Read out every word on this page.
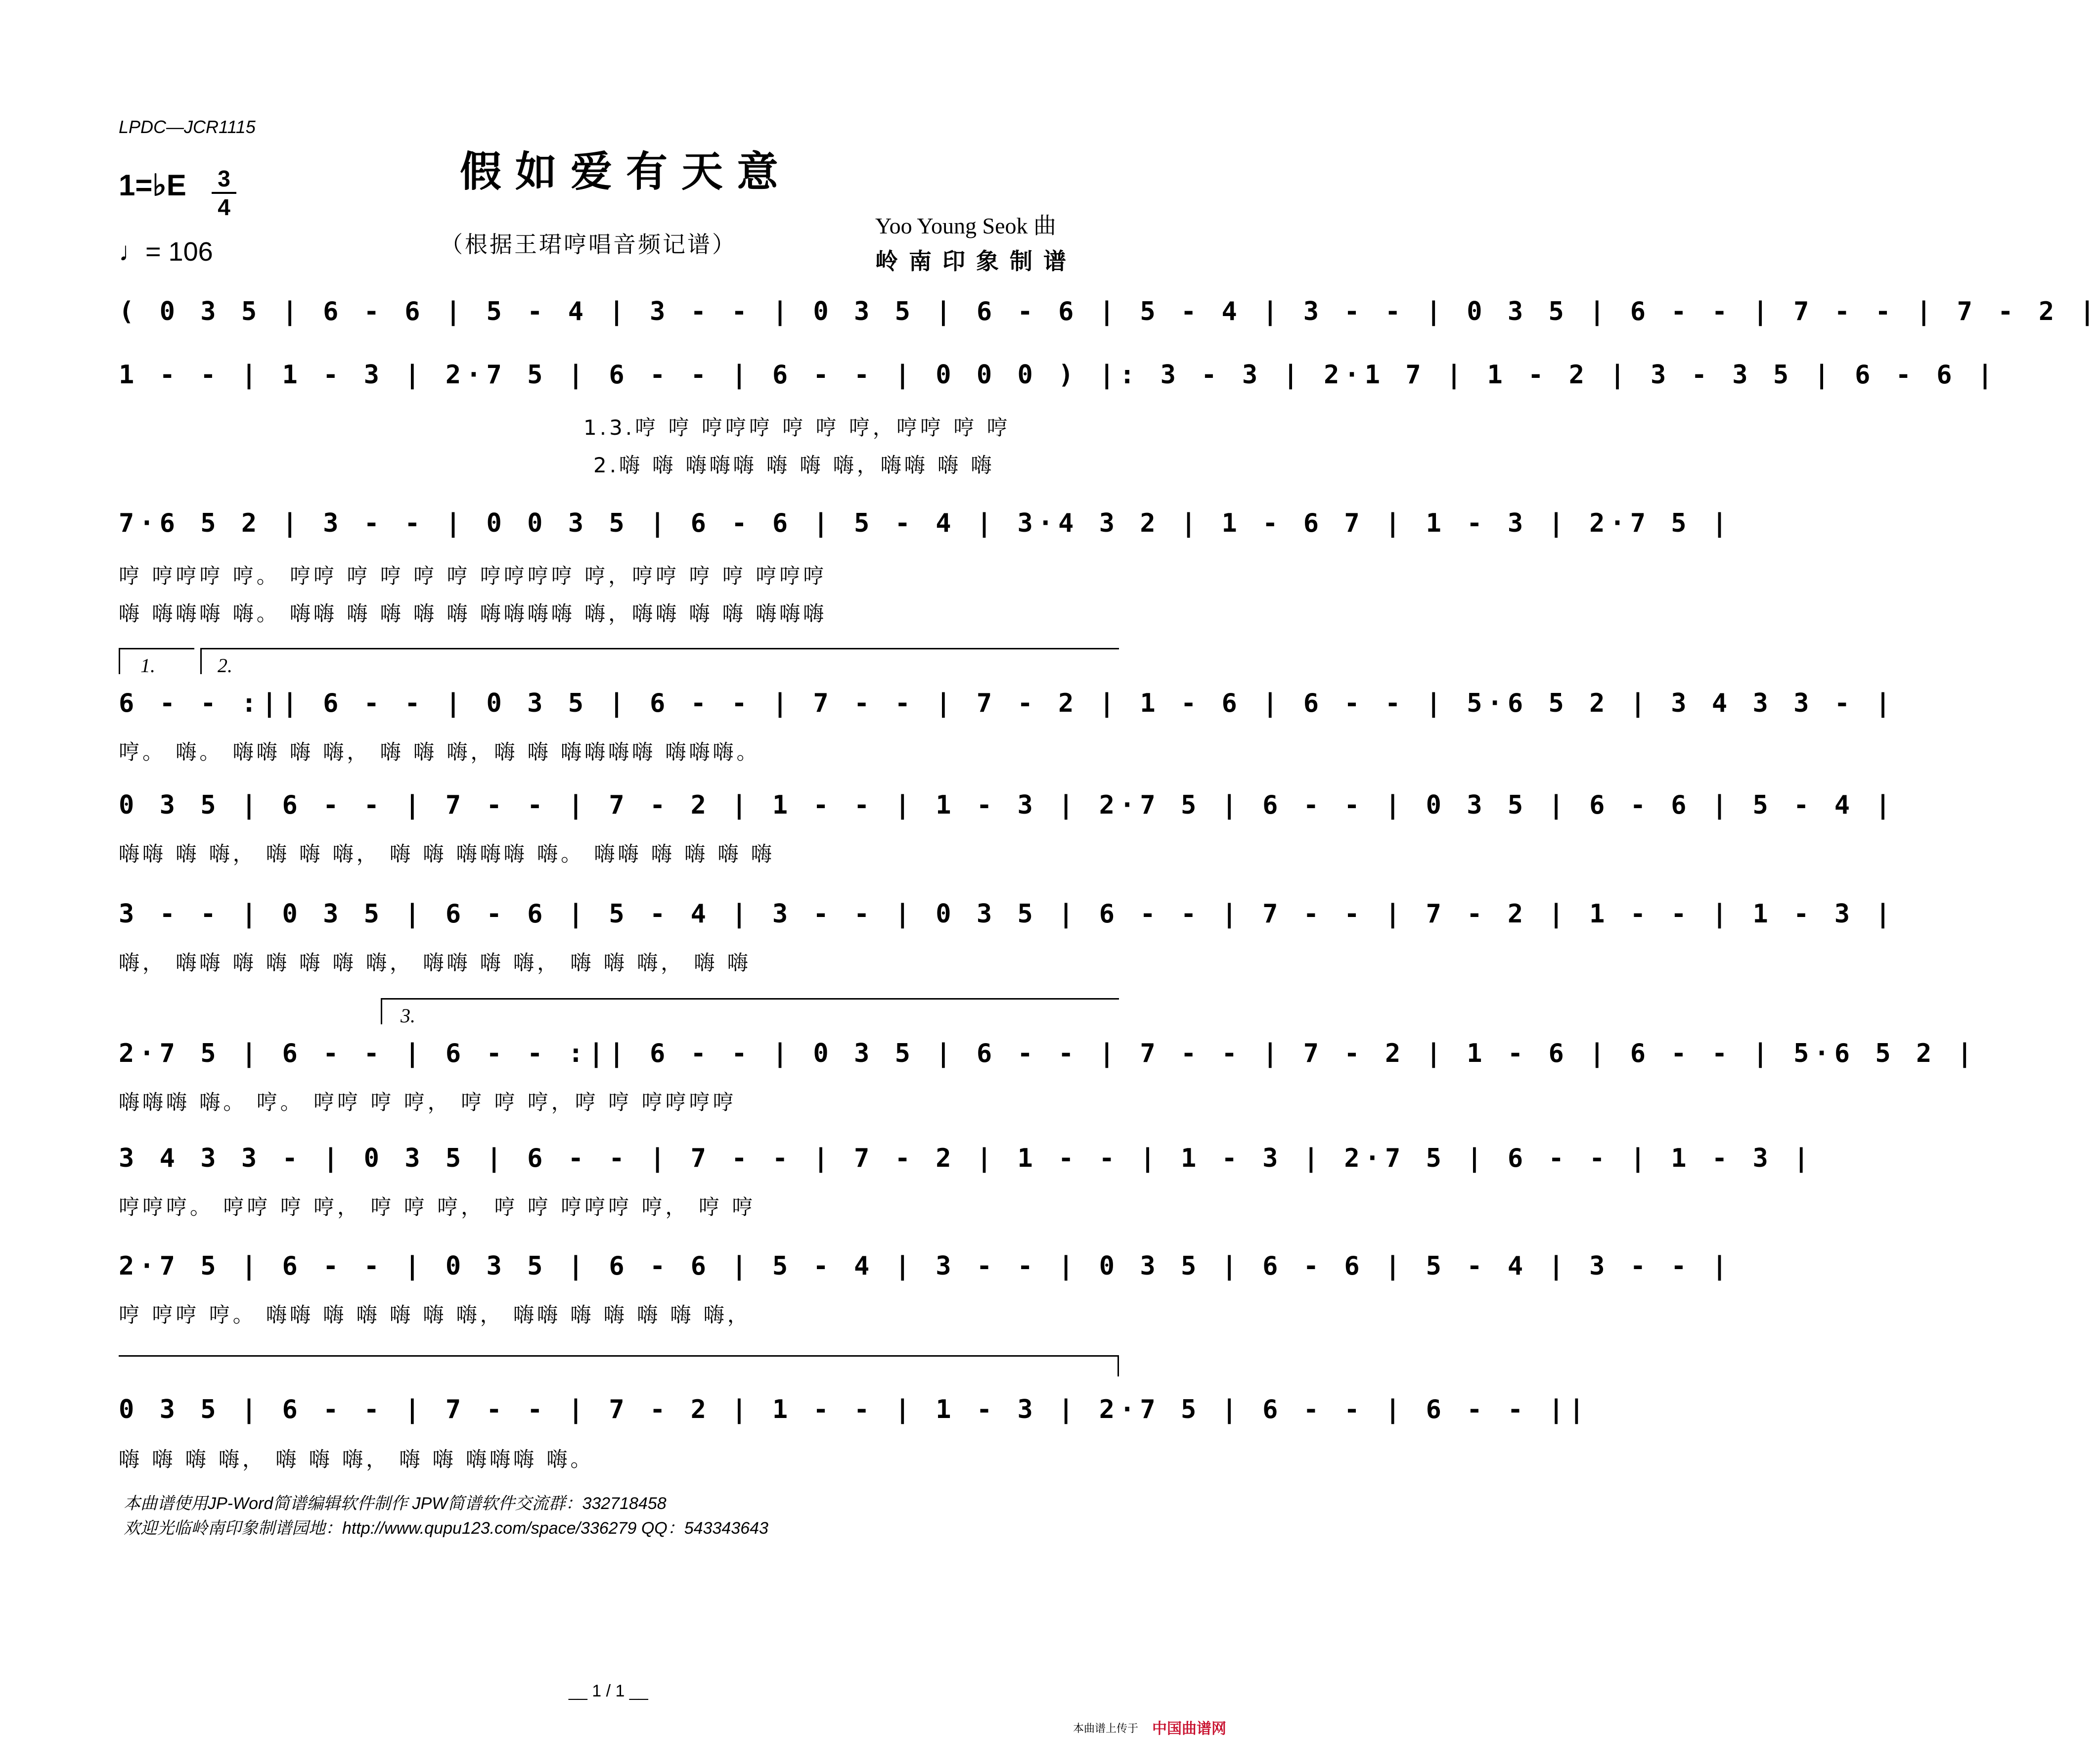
LPDC—JCR1115
假如爱有天意
1=♭E 3
4
♩= 106	（根据王珺哼唱音频记谱）
Yoo Young Seok 曲
岭南印象制谱
( 0 3 5 | 6 - 6 | 5 - 4 | 3 - - | 0 3 5 | 6 - 6 | 5 - 4 | 3 - - | 0 3 5 | 6 - - | 7 - - | 7 - 2 |
1 - - | 1 - 3 | 2·7 5 | 6 - - | 6 - - | 0 0 0 ) |: 3 - 3 | 2·1 7 | 1 - 2 | 3 - 3 5 | 6 - 6 |
1.3.哼 哼 哼哼哼 哼 哼 哼，哼哼 哼 哼
2.嗨 嗨 嗨嗨嗨 嗨 嗨 嗨，嗨嗨 嗨 嗨
7·6 5 2 | 3 - - | 0 0 3 5 | 6 - 6 | 5 - 4 | 3·4 3 2 | 1 - 6 7 | 1 - 3 | 2·7 5 |
哼 哼哼哼 哼。 哼哼 哼 哼 哼 哼 哼哼哼哼 哼，哼哼 哼 哼 哼哼哼
嗨 嗨嗨嗨 嗨。 嗨嗨 嗨 嗨 嗨 嗨 嗨嗨嗨嗨 嗨，嗨嗨 嗨 嗨 嗨嗨嗨
1.	2.
6 - - :|| 6 - - | 0 3 5 | 6 - - | 7 - - | 7 - 2 | 1 - 6 | 6 - - | 5·6 5 2 | 3 4 3 3 - |
哼。 嗨。 嗨嗨 嗨 嗨， 嗨 嗨 嗨，嗨 嗨 嗨嗨嗨嗨 嗨嗨嗨。
0 3 5 | 6 - - | 7 - - | 7 - 2 | 1 - - | 1 - 3 | 2·7 5 | 6 - - | 0 3 5 | 6 - 6 | 5 - 4 |
嗨嗨 嗨 嗨， 嗨 嗨 嗨， 嗨 嗨 嗨嗨嗨 嗨。 嗨嗨 嗨 嗨 嗨 嗨
3 - - | 0 3 5 | 6 - 6 | 5 - 4 | 3 - - | 0 3 5 | 6 - - | 7 - - | 7 - 2 | 1 - - | 1 - 3 |
嗨， 嗨嗨 嗨 嗨 嗨 嗨 嗨， 嗨嗨 嗨 嗨， 嗨 嗨 嗨， 嗨 嗨
3.
2·7 5 | 6 - - | 6 - - :|| 6 - - | 0 3 5 | 6 - - | 7 - - | 7 - 2 | 1 - 6 | 6 - - | 5·6 5 2 |
嗨嗨嗨 嗨。 哼。 哼哼 哼 哼， 哼 哼 哼，哼 哼 哼哼哼哼
3 4 3 3 - | 0 3 5 | 6 - - | 7 - - | 7 - 2 | 1 - - | 1 - 3 | 2·7 5 | 6 - - | 1 - 3 |
哼哼哼。 哼哼 哼 哼， 哼 哼 哼， 哼 哼 哼哼哼 哼， 哼 哼
2·7 5 | 6 - - | 0 3 5 | 6 - 6 | 5 - 4 | 3 - - | 0 3 5 | 6 - 6 | 5 - 4 | 3 - - |
哼 哼哼 哼。 嗨嗨 嗨 嗨 嗨 嗨 嗨， 嗨嗨 嗨 嗨 嗨 嗨 嗨，
0 3 5 | 6 - - | 7 - - | 7 - 2 | 1 - - | 1 - 3 | 2·7 5 | 6 - - | 6 - - ||
嗨 嗨 嗨 嗨， 嗨 嗨 嗨， 嗨 嗨 嗨嗨嗨 嗨。
本曲谱使用JP-Word简谱编辑软件制作 JPW简谱软件交流群：332718458
欢迎光临岭南印象制谱园地：http://www.qupu123.com/space/336279 QQ：543343643
__ 1 / 1 __
本曲谱上传于 中国曲谱网
